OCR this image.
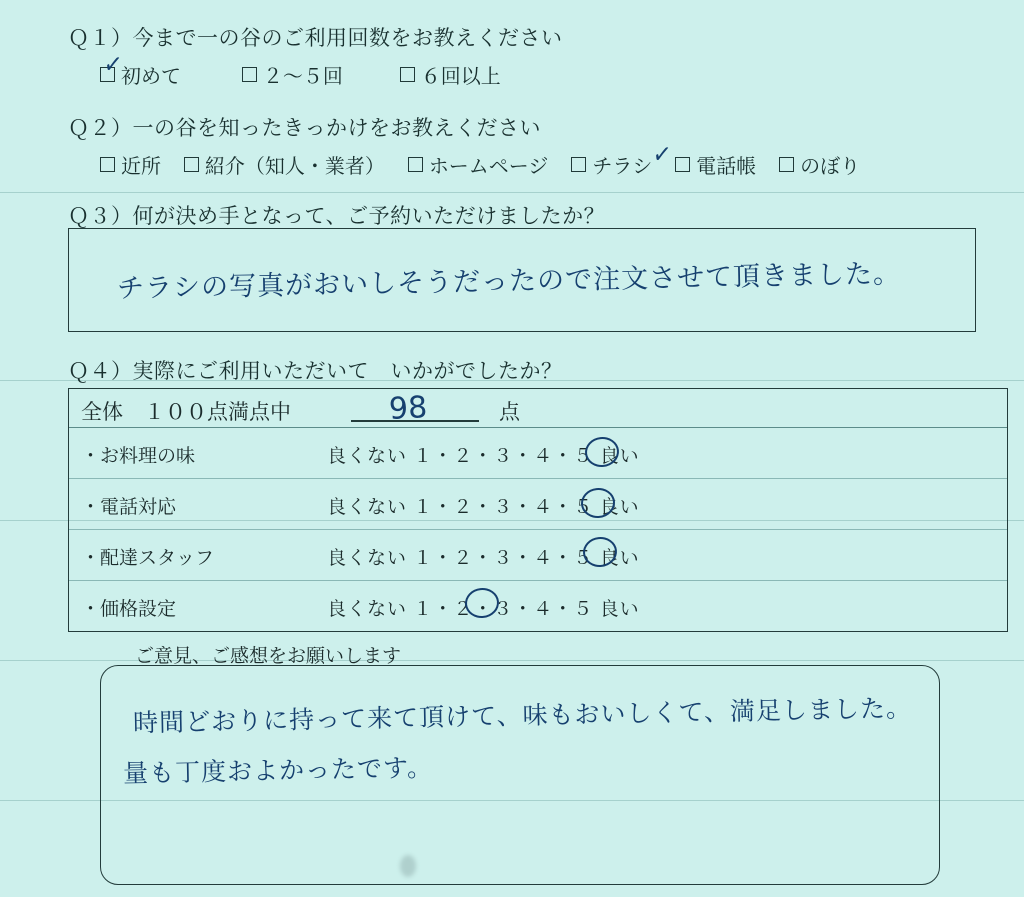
Ｑ１）今まで一の谷のご利用回数をお教えください
初めて	２～５回	６回以上
✓
Ｑ２）一の谷を知ったきっかけをお教えください
近所 紹介（知人・業者） ホームページ チラシ 電話帳 のぼり
✓
Ｑ３）何が決め手となって、ご予約いただけましたか？
チラシの写真がおいしそうだったので注文させて頂きました。
Ｑ４）実際にご利用いただいて　いかがでしたか？
全体　１００点満点中	98	点
・お料理の味	良くない １・２・３・４・５ 良い
・電話対応	良くない １・２・３・４・５ 良い
・配達スタッフ	良くない １・２・３・４・５ 良い
・価格設定	良くない １・２・３・４・５ 良い
ご意見、ご感想をお願いします
時間どおりに持って来て頂けて、味もおいしくて、満足しました。
量も丁度およかったです。
